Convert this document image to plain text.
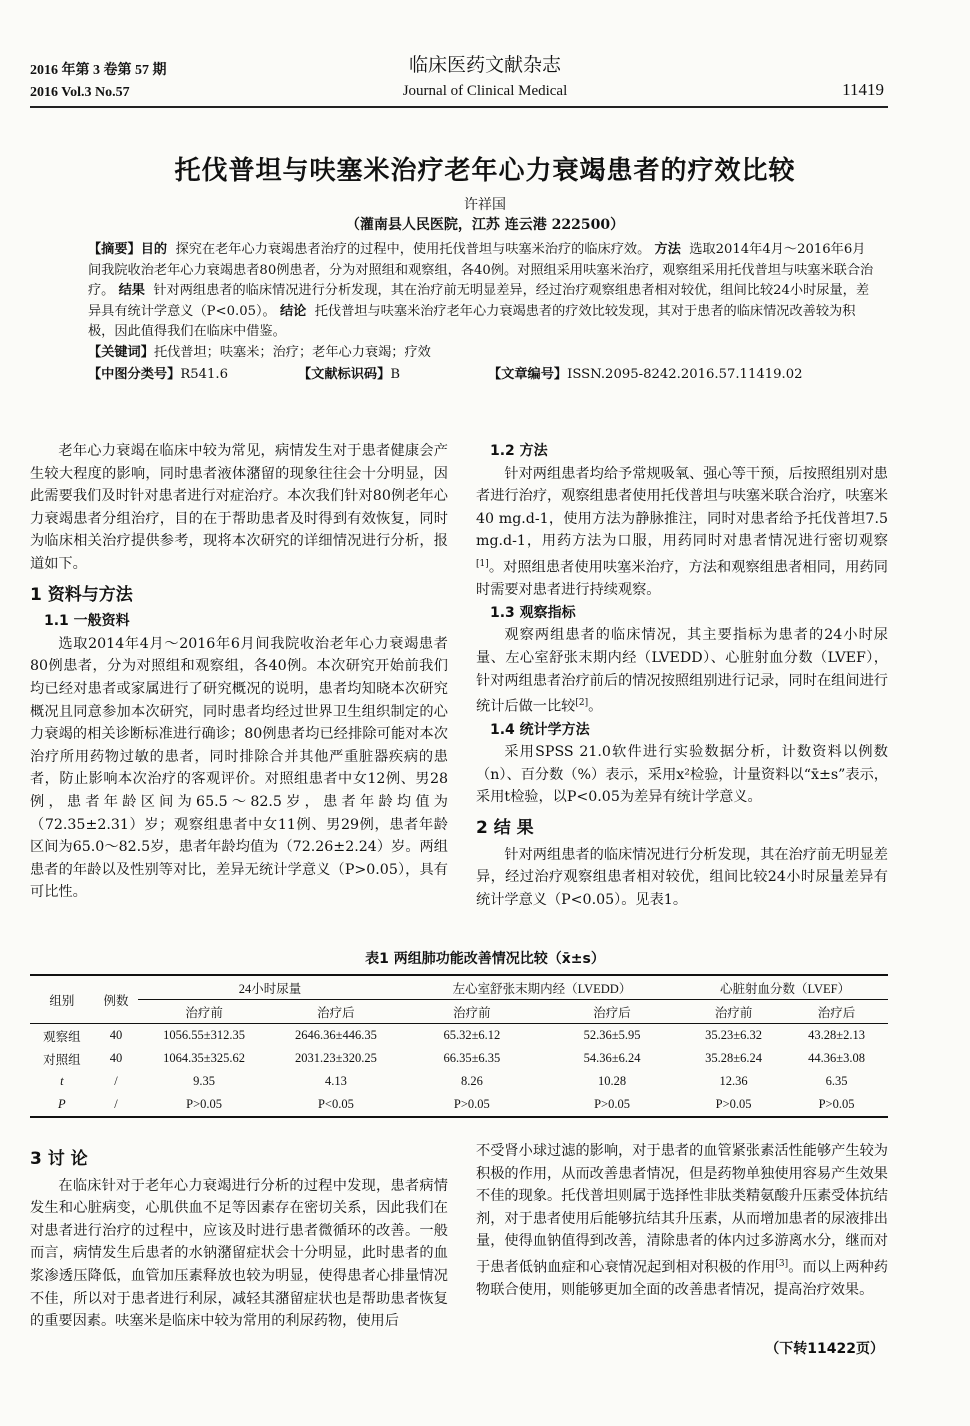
2016 年第 3 卷第 57 期
2016 Vol.3 No.57
临床医药文献杂志
Journal of Clinical Medical	11419
托伐普坦与呋塞米治疗老年心力衰竭患者的疗效比较
许祥国
（灌南县人民医院，江苏 连云港 222500）

【摘要】目的 探究在老年心力衰竭患者治疗的过程中，使用托伐普坦与呋塞米治疗的临床疗效。 方法 选取2014年4月～2016年6月间我院收治老年心力衰竭患者80例患者，分为对照组和观察组，各40例。对照组采用呋塞米治疗，观察组采用托伐普坦与呋塞米联合治疗。 结果 针对两组患者的临床情况进行分析发现，其在治疗前无明显差异，经过治疗观察组患者相对较优，组间比较24小时尿量，差异具有统计学意义（P<0.05）。 结论 托伐普坦与呋塞米治疗老年心力衰竭患者的疗效比较发现，其对于患者的临床情况改善较为积极，因此值得我们在临床中借鉴。

【关键词】托伐普坦；呋塞米；治疗；老年心力衰竭；疗效

【中图分类号】R541.6	【文献标识码】B	【文章编号】ISSN.2095-8242.2016.57.11419.02

老年心力衰竭在临床中较为常见，病情发生对于患者健康会产生较大程度的影响，同时患者液体潴留的现象往往会十分明显，因此需要我们及时针对患者进行对症治疗。本次我们针对80例老年心力衰竭患者分组治疗，目的在于帮助患者及时得到有效恢复，同时为临床相关治疗提供参考，现将本次研究的详细情况进行分析，报道如下。

1 资料与方法

1.1 一般资料

选取2014年4月～2016年6月间我院收治老年心力衰竭患者80例患者，分为对照组和观察组，各40例。本次研究开始前我们均已经对患者或家属进行了研究概况的说明，患者均知晓本次研究概况且同意参加本次研究，同时患者均经过世界卫生组织制定的心力衰竭的相关诊断标准进行确诊；80例患者均已经排除可能对本次治疗所用药物过敏的患者，同时排除合并其他严重脏器疾病的患者，防止影响本次治疗的客观评价。对照组患者中女12例、男28例，患者年龄区间为65.5～82.5岁，患者年龄均值为（72.35±2.31）岁；观察组患者中女11例、男29例，患者年龄区间为65.0～82.5岁，患者年龄均值为（72.26±2.24）岁。两组患者的年龄以及性别等对比，差异无统计学意义（P>0.05），具有可比性。

1.2 方法

针对两组患者均给予常规吸氧、强心等干预，后按照组别对患者进行治疗，观察组患者使用托伐普坦与呋塞米联合治疗，呋塞米40 mg.d-1，使用方法为静脉推注，同时对患者给予托伐普坦7.5 mg.d-1，用药方法为口服，用药同时对患者情况进行密切观察[1]。对照组患者使用呋塞米治疗，方法和观察组患者相同，用药同时需要对患者进行持续观察。

1.3 观察指标

观察两组患者的临床情况，其主要指标为患者的24小时尿量、左心室舒张末期内经（LVEDD）、心脏射血分数（LVEF），针对两组患者治疗前后的情况按照组别进行记录，同时在组间进行统计后做一比较[2]。

1.4 统计学方法

采用SPSS 21.0软件进行实验数据分析，计数资料以例数（n）、百分数（%）表示，采用x²检验，计量资料以“x̄±s”表示，采用t检验，以P<0.05为差异有统计学意义。

2 结 果

针对两组患者的临床情况进行分析发现，其在治疗前无明显差异，经过治疗观察组患者相对较优，组间比较24小时尿量差异有统计学意义（P<0.05）。见表1。

表1 两组肺功能改善情况比较（x̄±s）
组别	例数	24小时尿量		左心室舒张末期内经（LVEDD）		心脏射血分数（LVEF）	
		治疗前	治疗后	治疗前	治疗后	治疗前	治疗后
观察组	40	1056.55±312.35	2646.36±446.35	65.32±6.12	52.36±5.95	35.23±6.32	43.28±2.13
对照组	40	1064.35±325.62	2031.23±320.25	66.35±6.35	54.36±6.24	35.28±6.24	44.36±3.08
t	/	9.35	4.13	8.26	10.28	12.36	6.35
P	/	P>0.05	P<0.05	P>0.05	P>0.05	P>0.05	P>0.05

3 讨 论

在临床针对于老年心力衰竭进行分析的过程中发现，患者病情发生和心脏病变，心肌供血不足等因素存在密切关系，因此我们在对患者进行治疗的过程中，应该及时进行患者微循环的改善。一般而言，病情发生后患者的水钠潴留症状会十分明显，此时患者的血浆渗透压降低，血管加压素释放也较为明显，使得患者心排量情况不佳，所以对于患者进行利尿，减轻其潴留症状也是帮助患者恢复的重要因素。呋塞米是临床中较为常用的利尿药物，使用后

不受肾小球过滤的影响，对于患者的血管紧张素活性能够产生较为积极的作用，从而改善患者情况，但是药物单独使用容易产生效果不佳的现象。托伐普坦则属于选择性非肽类精氨酸升压素受体抗结剂，对于患者使用后能够抗结其升压素，从而增加患者的尿液排出量，使得血钠值得到改善，清除患者的体内过多游离水分，继而对于患者低钠血症和心衰情况起到相对积极的作用[3]。而以上两种药物联合使用，则能够更加全面的改善患者情况，提高治疗效果。

（下转11422页）
